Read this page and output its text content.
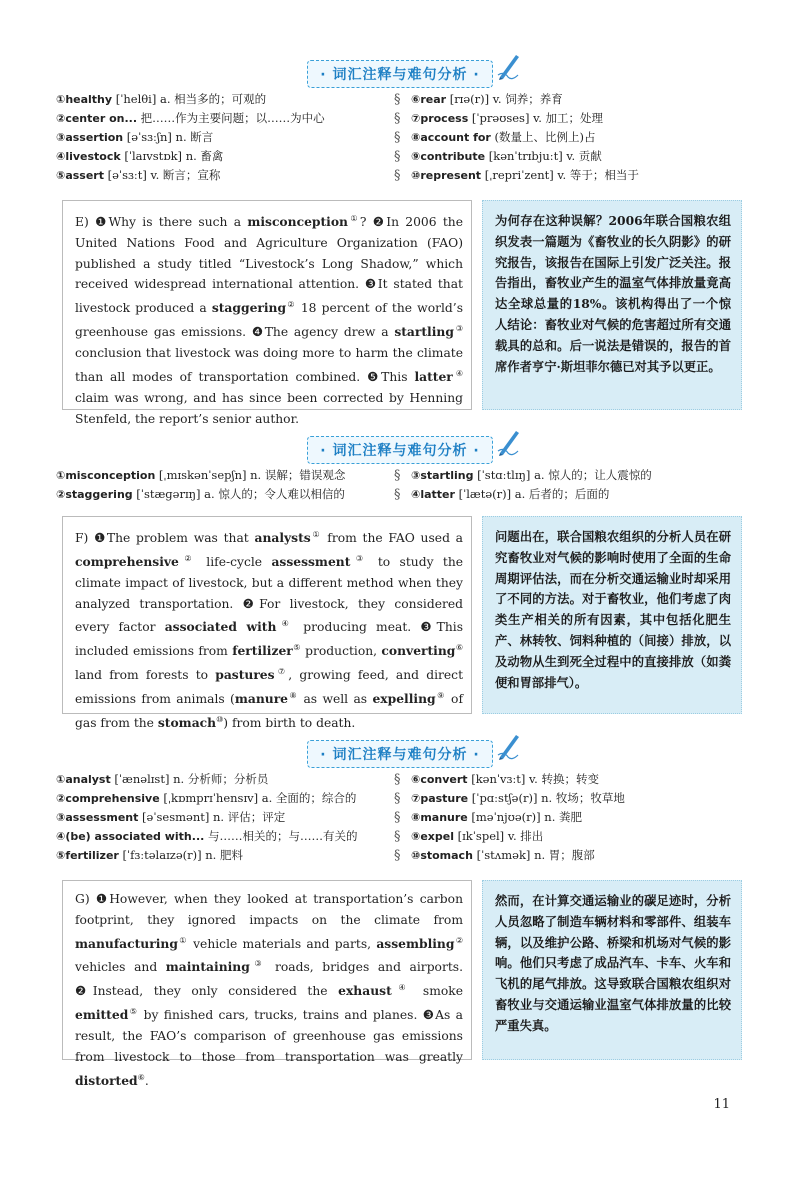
· 词汇注释与难句分析 ·
①healthy [ˈhelθi] a. 相当多的；可观的
②center on... 把……作为主要问题；以……为中心
③assertion [əˈsɜːʃn] n. 断言
④livestock [ˈlaɪvstɒk] n. 畜禽
⑤assert [əˈsɜːt] v. 断言；宣称
§
§
§
§
§
⑥rear [rɪə(r)] v. 饲养；养育
⑦process [ˈprəʊses] v. 加工；处理
⑧account for (数量上、比例上)占
⑨contribute [kənˈtrɪbjuːt] v. 贡献
⑩represent [ˌrepriˈzent] v. 等于；相当于
E) ❶Why is there such a misconception①? ❷In 2006 the United Nations Food and Agriculture Organization (FAO) published a study titled “Livestock’s Long Shadow,” which received widespread international attention. ❸It stated that livestock produced a staggering② 18 percent of the world’s greenhouse gas emissions. ❹The agency drew a startling③ conclusion that livestock was doing more to harm the climate than all modes of transportation combined. ❺This latter④ claim was wrong, and has since been corrected by Henning Stenfeld, the report’s senior author.
为何存在这种误解？2006年联合国粮农组织发表一篇题为《畜牧业的长久阴影》的研究报告，该报告在国际上引发广泛关注。报告指出，畜牧业产生的温室气体排放量竟高达全球总量的18%。该机构得出了一个惊人结论：畜牧业对气候的危害超过所有交通载具的总和。后一说法是错误的，报告的首席作者亨宁·斯坦菲尔德已对其予以更正。
· 词汇注释与难句分析 ·
①misconception [ˌmɪskənˈsepʃn] n. 误解；错误观念
②staggering [ˈstæɡərɪŋ] a. 惊人的；令人难以相信的
§
§
③startling [ˈstɑːtlɪŋ] a. 惊人的；让人震惊的
④latter [ˈlætə(r)] a. 后者的；后面的
F) ❶The problem was that analysts① from the FAO used a comprehensive② life-cycle assessment③ to study the climate impact of livestock, but a different method when they analyzed transportation. ❷For livestock, they considered every factor associated with④ producing meat. ❸This included emissions from fertilizer⑤ production, converting⑥ land from forests to pastures⑦, growing feed, and direct emissions from animals (manure⑧ as well as expelling⑨ of gas from the stomach⑩) from birth to death.
问题出在，联合国粮农组织的分析人员在研究畜牧业对气候的影响时使用了全面的生命周期评估法，而在分析交通运输业时却采用了不同的方法。对于畜牧业，他们考虑了肉类生产相关的所有因素，其中包括化肥生产、林转牧、饲料种植的（间接）排放，以及动物从生到死全过程中的直接排放（如粪便和胃部排气）。
· 词汇注释与难句分析 ·
①analyst [ˈænəlɪst] n. 分析师；分析员
②comprehensive [ˌkɒmprɪˈhensɪv] a. 全面的；综合的
③assessment [əˈsesmənt] n. 评估；评定
④(be) associated with... 与……相关的；与……有关的
⑤fertilizer [ˈfɜːtəlaɪzə(r)] n. 肥料
§
§
§
§
§
⑥convert [kənˈvɜːt] v. 转换；转变
⑦pasture [ˈpɑːstʃə(r)] n. 牧场；牧草地
⑧manure [məˈnjʊə(r)] n. 粪肥
⑨expel [ɪkˈspel] v. 排出
⑩stomach [ˈstʌmək] n. 胃；腹部
G) ❶However, when they looked at transportation’s carbon footprint, they ignored impacts on the climate from manufacturing① vehicle materials and parts, assembling② vehicles and maintaining③ roads, bridges and airports. ❷Instead, they only considered the exhaust④ smoke emitted⑤ by finished cars, trucks, trains and planes. ❸As a result, the FAO’s comparison of greenhouse gas emissions from livestock to those from transportation was greatly distorted⑥.
然而，在计算交通运输业的碳足迹时，分析人员忽略了制造车辆材料和零部件、组装车辆，以及维护公路、桥梁和机场对气候的影响。他们只考虑了成品汽车、卡车、火车和飞机的尾气排放。这导致联合国粮农组织对畜牧业与交通运输业温室气体排放量的比较严重失真。
11
